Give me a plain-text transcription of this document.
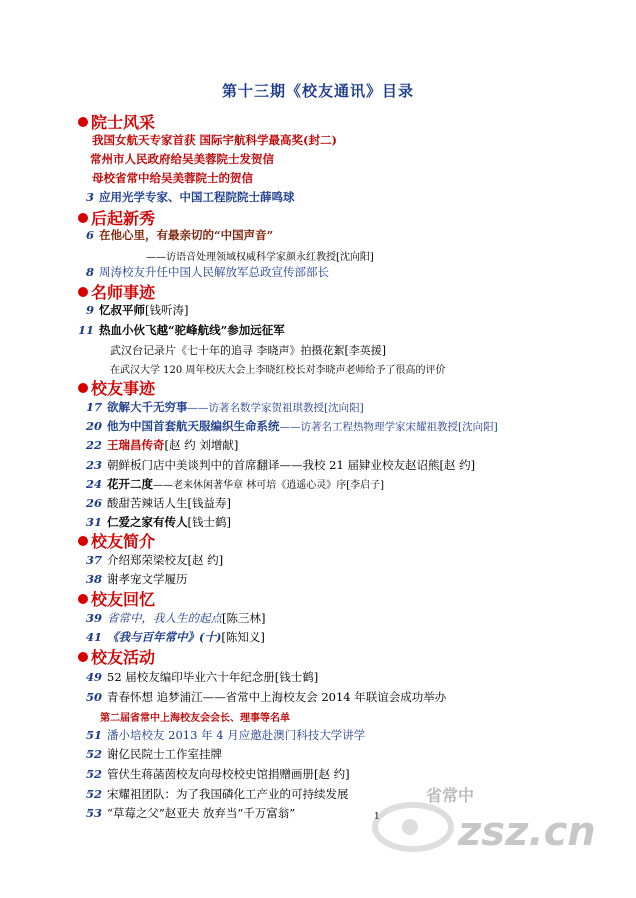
第十三期《校友通讯》目录
院士风采
我国女航天专家首获 国际宇航科学最高奖(封二)
常州市人民政府给吴美蓉院士发贺信
母校省常中给吴美蓉院士的贺信
3 应用光学专家、中国工程院院士薛鸣球
后起新秀
6 在他心里，有最亲切的“中国声音”
——访语音处理领域权威科学家颜永红教授[沈向阳]
8 周涛校友升任中国人民解放军总政宣传部部长
名师事迹
9 忆叔平师[钱听涛]
11 热血小伙飞越“驼峰航线”参加远征军
武汉台记录片《七十年的追寻 李晓声》拍摄花絮[李英援]
在武汉大学 120 周年校庆大会上李晓红校长对李晓声老师给予了很高的评价
校友事迹
17 欲解大千无穷事——访著名数学家贺祖琪教授[沈向阳]
20 他为中国首套航天服编织生命系统——访著名工程热物理学家宋耀祖教授[沈向阳]
22 王瑞昌传奇[赵 约 刘增献]
23 朝鲜板门店中美谈判中的首席翻译——我校 21 届肄业校友赵诏熊[赵 约]
24 花开二度——老来休闲著华章 林可培《逍遥心灵》序[李启子]
26 酸甜苦辣话人生[钱益寿]
31 仁爱之家有传人[钱士鹤]
校友简介
37 介绍郑荣梁校友[赵 约]
38 谢孝宠文学履历
校友回忆
39 省常中，我人生的起点[陈三林]
41 《我与百年常中》(十)[陈知义]
校友活动
49 52 届校友编印毕业六十年纪念册[钱士鹤]
50 青春怀想 追梦浦江——省常中上海校友会 2014 年联谊会成功举办
第二届省常中上海校友会会长、理事等名单
51 潘小培校友 2013 年 4 月应邀赴澳门科技大学讲学
52 谢亿民院士工作室挂牌
52 管伏生蒋菡茵校友向母校校史馆捐赠画册[赵 约]
52 宋耀祖团队：为了我国磷化工产业的可持续发展
53 “草莓之父”赵亚夫 放弃当“千万富翁”	1
省常中
zsz.cn
